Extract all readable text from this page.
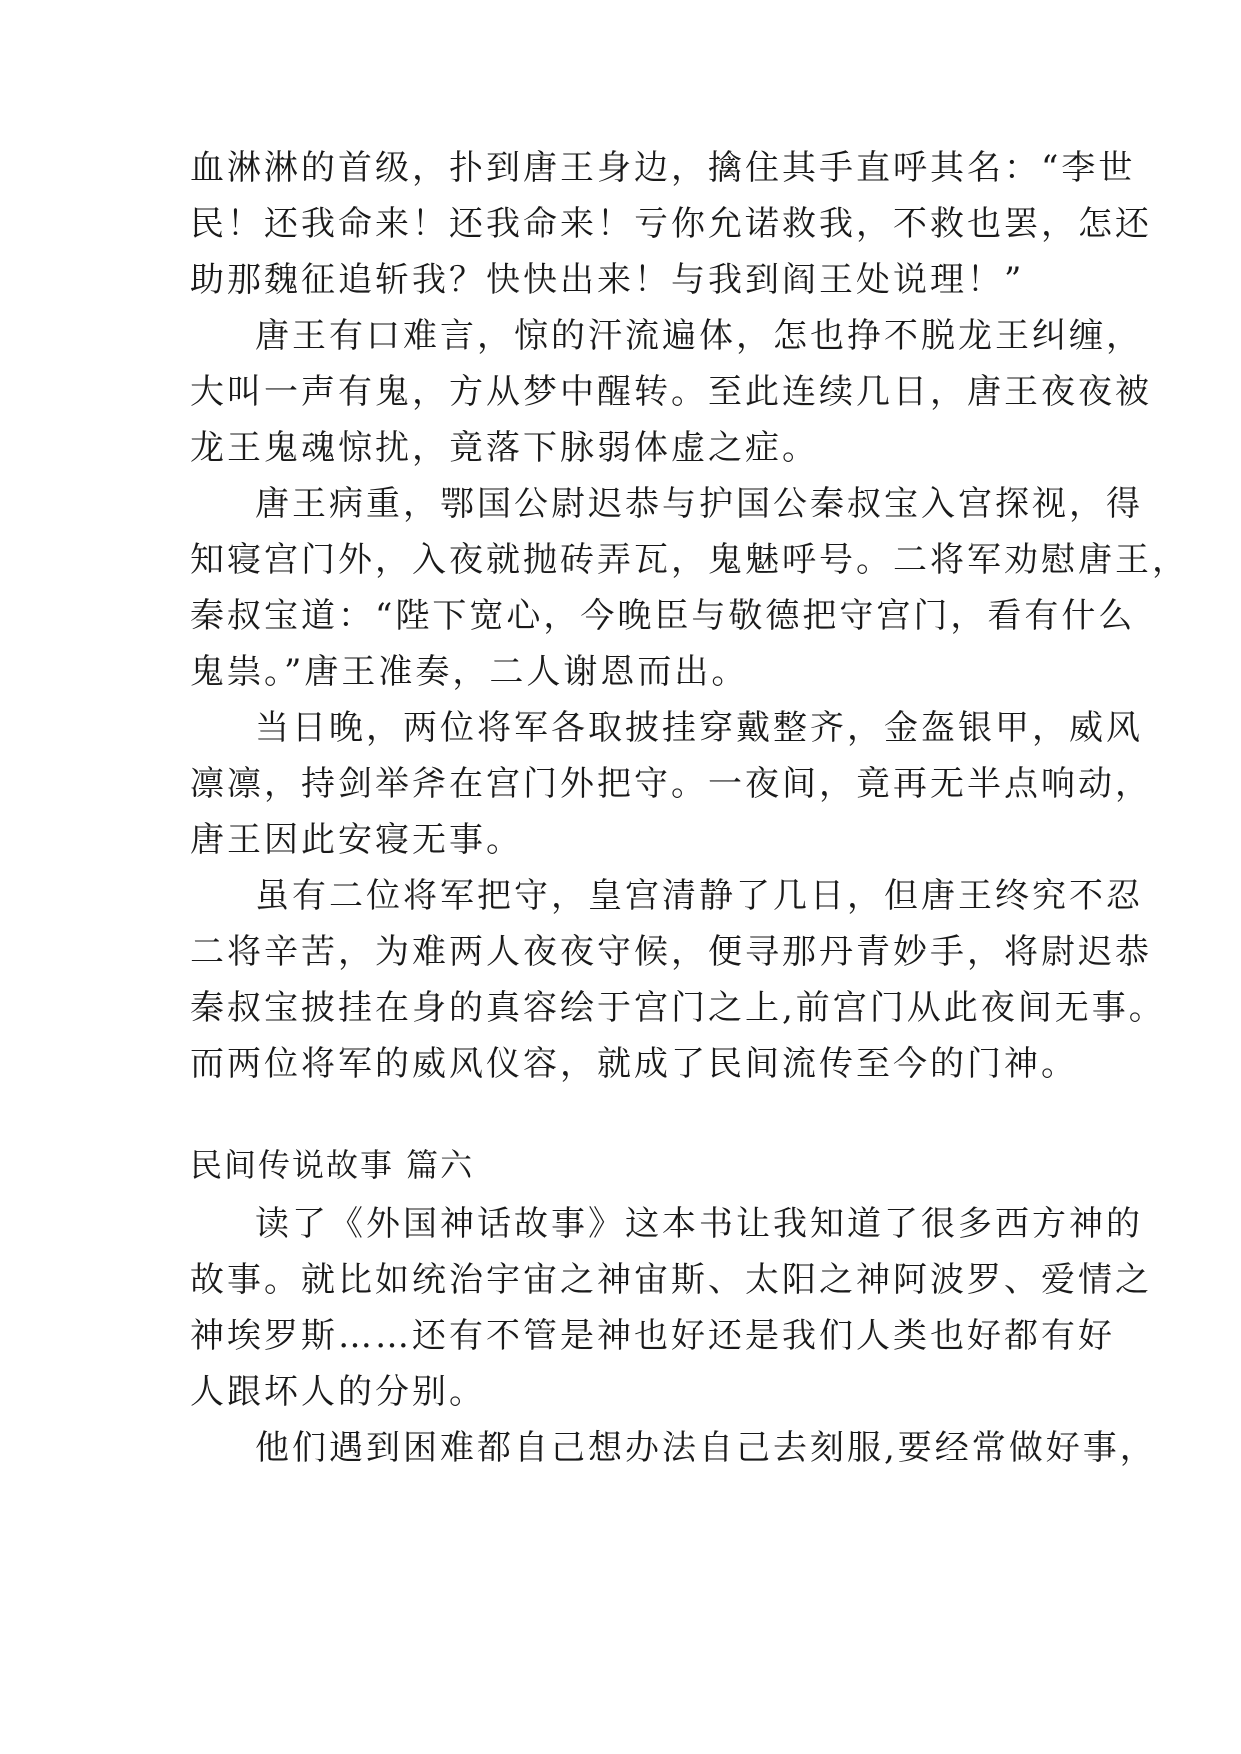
血淋淋的首级，扑到唐王身边，擒住其手直呼其名：“李世
民！还我命来！还我命来！亏你允诺救我，不救也罢，怎还
助那魏征追斩我？快快出来！与我到阎王处说理！”
唐王有口难言，惊的汗流遍体，怎也挣不脱龙王纠缠，
大叫一声有鬼，方从梦中醒转。至此连续几日，唐王夜夜被
龙王鬼魂惊扰，竟落下脉弱体虚之症。
唐王病重，鄂国公尉迟恭与护国公秦叔宝入宫探视，得
知寝宫门外，入夜就抛砖弄瓦，鬼魅呼号。二将军劝慰唐王，
秦叔宝道：“陛下宽心，今晚臣与敬德把守宫门，看有什么
鬼祟。”唐王准奏，二人谢恩而出。
当日晚，两位将军各取披挂穿戴整齐，金盔银甲，威风
凛凛，持剑举斧在宫门外把守。一夜间，竟再无半点响动，
唐王因此安寝无事。
虽有二位将军把守，皇宫清静了几日，但唐王终究不忍
二将辛苦，为难两人夜夜守候，便寻那丹青妙手，将尉迟恭
秦叔宝披挂在身的真容绘于宫门之上,前宫门从此夜间无事。
而两位将军的威风仪容，就成了民间流传至今的门神。
民间传说故事 篇六
读了《外国神话故事》这本书让我知道了很多西方神的
故事。就比如统治宇宙之神宙斯、太阳之神阿波罗、爱情之
神埃罗斯……还有不管是神也好还是我们人类也好都有好
人跟坏人的分别。
他们遇到困难都自己想办法自己去刻服,要经常做好事，
